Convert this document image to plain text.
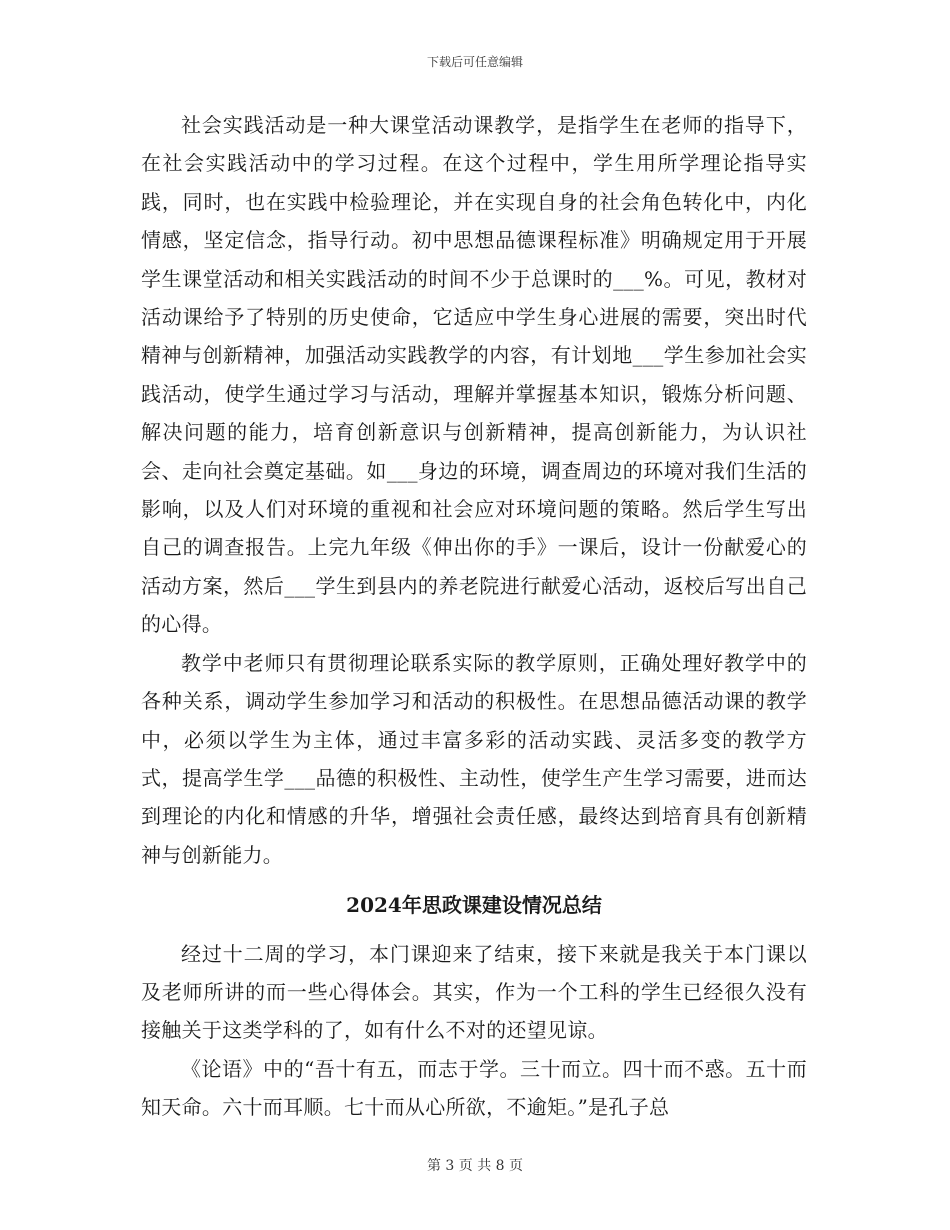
下载后可任意编辑

社会实践活动是一种大课堂活动课教学，是指学生在老师的指导下，在社会实践活动中的学习过程。在这个过程中，学生用所学理论指导实践，同时，也在实践中检验理论，并在实现自身的社会角色转化中，内化情感，坚定信念，指导行动。初中思想品德课程标准》明确规定用于开展学生课堂活动和相关实践活动的时间不少于总课时的___%。可见，教材对活动课给予了特别的历史使命，它适应中学生身心进展的需要，突出时代精神与创新精神，加强活动实践教学的内容，有计划地___学生参加社会实践活动，使学生通过学习与活动，理解并掌握基本知识，锻炼分析问题、解决问题的能力，培育创新意识与创新精神，提高创新能力，为认识社会、走向社会奠定基础。如___身边的环境，调查周边的环境对我们生活的影响，以及人们对环境的重视和社会应对环境问题的策略。然后学生写出自己的调查报告。上完九年级《伸出你的手》一课后，设计一份献爱心的活动方案，然后___学生到县内的养老院进行献爱心活动，返校后写出自己的心得。

教学中老师只有贯彻理论联系实际的教学原则，正确处理好教学中的各种关系，调动学生参加学习和活动的积极性。在思想品德活动课的教学中，必须以学生为主体，通过丰富多彩的活动实践、灵活多变的教学方式，提高学生学___品德的积极性、主动性，使学生产生学习需要，进而达到理论的内化和情感的升华，增强社会责任感，最终达到培育具有创新精神与创新能力。

2024年思政课建设情况总结

经过十二周的学习，本门课迎来了结束，接下来就是我关于本门课以及老师所讲的而一些心得体会。其实，作为一个工科的学生已经很久没有接触关于这类学科的了，如有什么不对的还望见谅。

《论语》中的“吾十有五，而志于学。三十而立。四十而不惑。五十而知天命。六十而耳顺。七十而从心所欲，不逾矩。”是孔子总

第 3 页 共 8 页
